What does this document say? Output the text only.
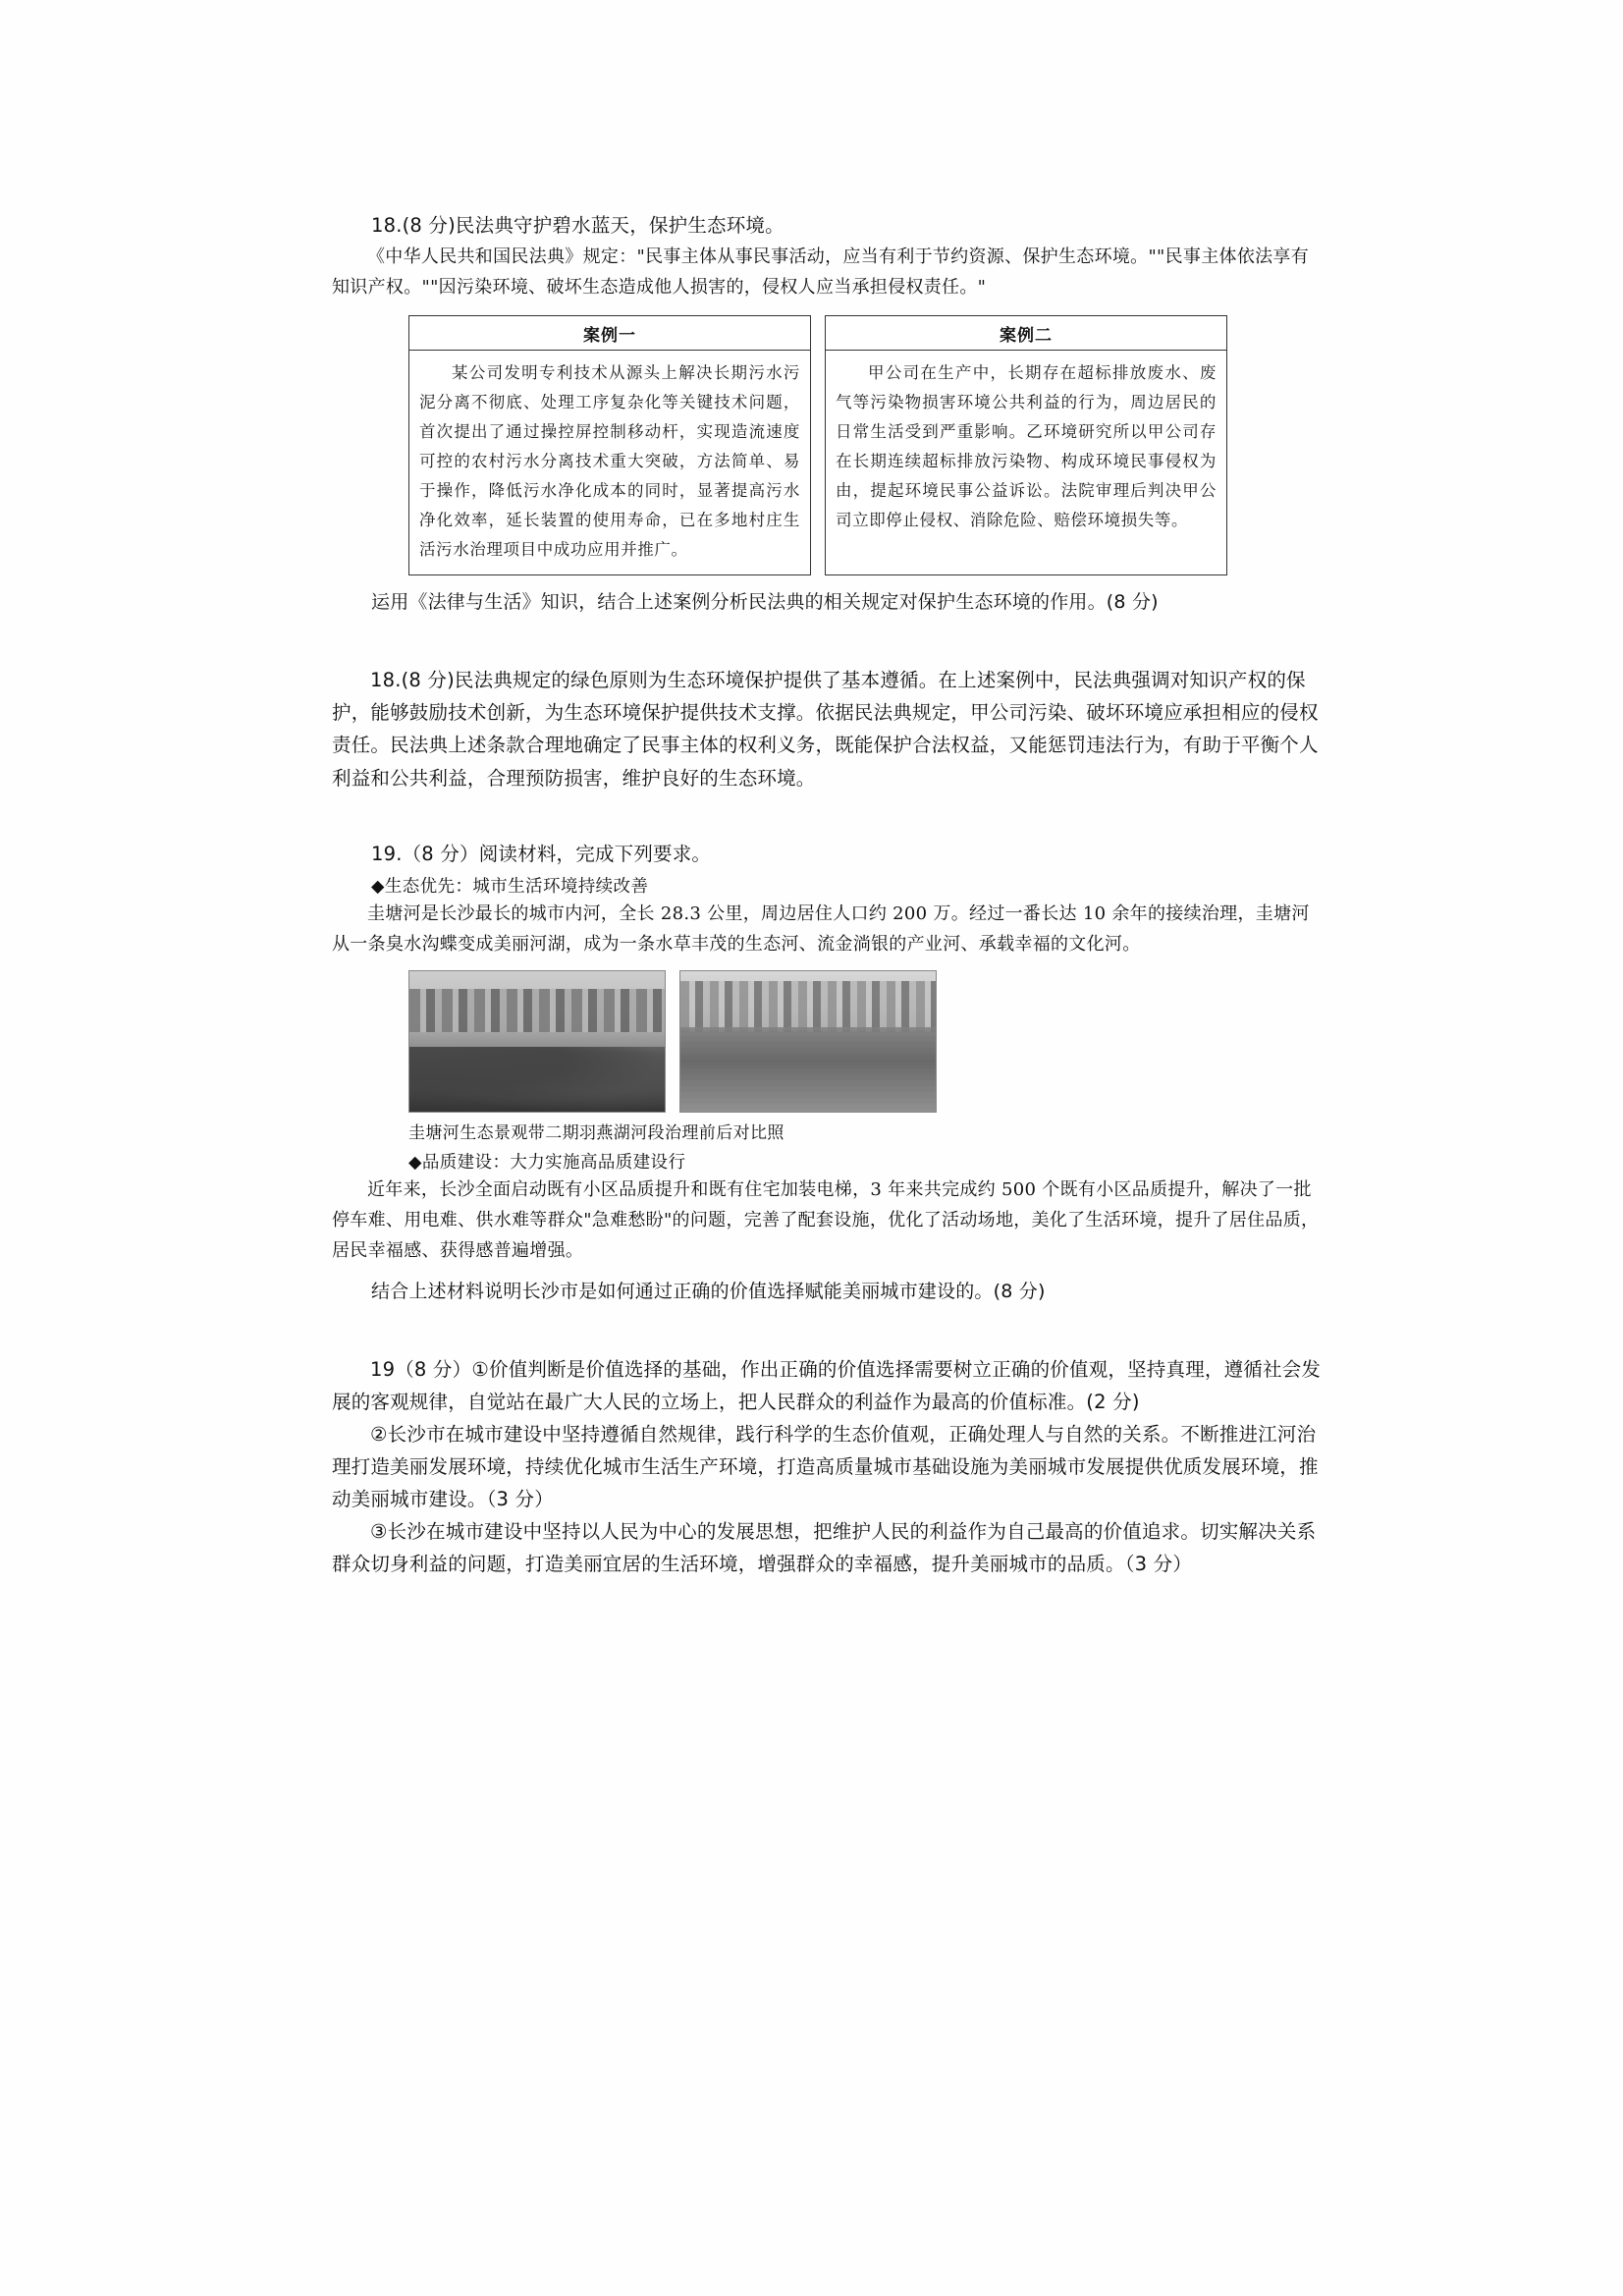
18.(8 分)民法典守护碧水蓝天，保护生态环境。

《中华人民共和国民法典》规定："民事主体从事民事活动，应当有利于节约资源、保护生态环境。""民事主体依法享有知识产权。""因污染环境、破坏生态造成他人损害的，侵权人应当承担侵权责任。"

案例一
某公司发明专利技术从源头上解决长期污水污泥分离不彻底、处理工序复杂化等关键技术问题，首次提出了通过操控屏控制移动杆，实现造流速度可控的农村污水分离技术重大突破，方法简单、易于操作，降低污水净化成本的同时，显著提高污水净化效率，延长装置的使用寿命，已在多地村庄生活污水治理项目中成功应用并推广。
案例二
甲公司在生产中，长期存在超标排放废水、废气等污染物损害环境公共利益的行为，周边居民的日常生活受到严重影响。乙环境研究所以甲公司存在长期连续超标排放污染物、构成环境民事侵权为由，提起环境民事公益诉讼。法院审理后判决甲公司立即停止侵权、消除危险、赔偿环境损失等。

运用《法律与生活》知识，结合上述案例分析民法典的相关规定对保护生态环境的作用。(8 分)

18.(8 分)民法典规定的绿色原则为生态环境保护提供了基本遵循。在上述案例中，民法典强调对知识产权的保护，能够鼓励技术创新，为生态环境保护提供技术支撑。依据民法典规定，甲公司污染、破坏环境应承担相应的侵权责任。民法典上述条款合理地确定了民事主体的权利义务，既能保护合法权益，又能惩罚违法行为，有助于平衡个人利益和公共利益，合理预防损害，维护良好的生态环境。

19.（8 分）阅读材料，完成下列要求。

◆生态优先：城市生活环境持续改善

圭塘河是长沙最长的城市内河，全长 28.3 公里，周边居住人口约 200 万。经过一番长达 10 余年的接续治理，圭塘河从一条臭水沟蝶变成美丽河湖，成为一条水草丰茂的生态河、流金淌银的产业河、承载幸福的文化河。

圭塘河生态景观带二期羽燕湖河段治理前后对比照

◆品质建设：大力实施高品质建设行

近年来，长沙全面启动既有小区品质提升和既有住宅加装电梯，3 年来共完成约 500 个既有小区品质提升，解决了一批停车难、用电难、供水难等群众"急难愁盼"的问题，完善了配套设施，优化了活动场地，美化了生活环境，提升了居住品质，居民幸福感、获得感普遍增强。

结合上述材料说明长沙市是如何通过正确的价值选择赋能美丽城市建设的。(8 分)

19（8 分）①价值判断是价值选择的基础，作出正确的价值选择需要树立正确的价值观，坚持真理，遵循社会发展的客观规律，自觉站在最广大人民的立场上，把人民群众的利益作为最高的价值标准。(2 分)

②长沙市在城市建设中坚持遵循自然规律，践行科学的生态价值观，正确处理人与自然的关系。不断推进江河治理打造美丽发展环境，持续优化城市生活生产环境，打造高质量城市基础设施为美丽城市发展提供优质发展环境，推动美丽城市建设。（3 分）

③长沙在城市建设中坚持以人民为中心的发展思想，把维护人民的利益作为自己最高的价值追求。切实解决关系群众切身利益的问题，打造美丽宜居的生活环境，增强群众的幸福感，提升美丽城市的品质。（3 分）
